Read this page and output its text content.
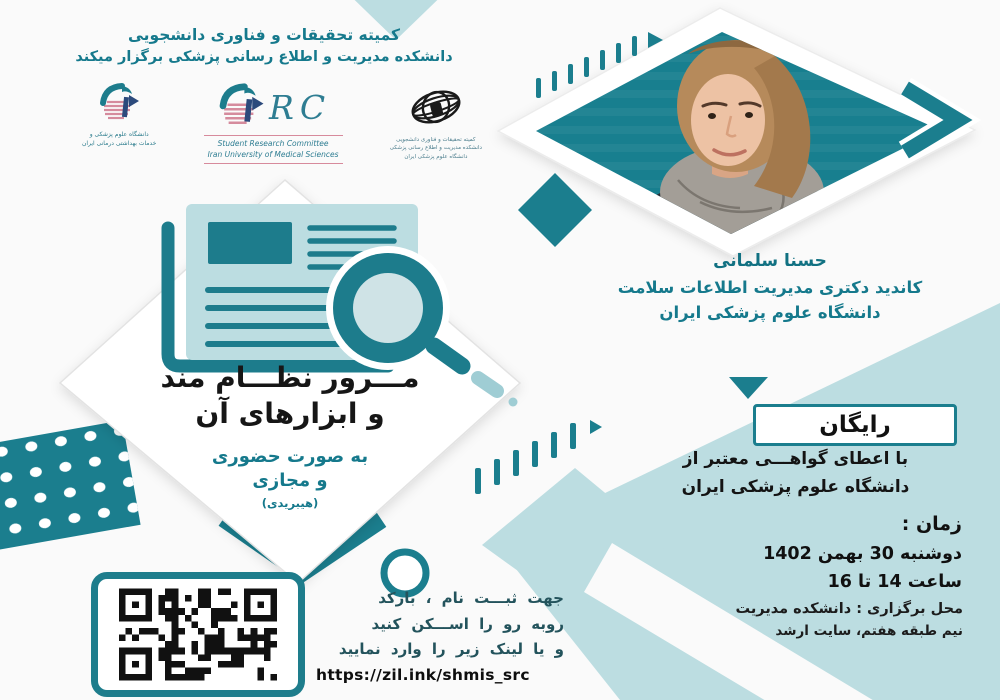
کمیته تحقیقات و فناوری دانشجویی
دانشکده مدیریت و اطلاع رسانی پزشکی برگزار میکند
دانشگاه علوم پزشکی و
خدمات بهداشتی درمانی ایران
RC
Student Research Committee
Iran University of Medical Sciences
کمیته تحقیقات و فناوری دانشجویی
دانشکده مدیریت و اطلاع رسانی پزشکی
دانشگاه علوم پزشکی ایران
حسنا سلمانی
کاندید دکتری مدیریت اطلاعات سلامت
دانشگاه علوم پزشکی ایران
مـــرور نظـــام مند
و ابزارهای آن
به صورت حضوری
و مجازی
(هیبریدی)
رایگان
با اعطای گواهـــی معتبر از
دانشگاه علوم پزشکی ایران
زمان :
دوشنبه 30 بهمن 1402
ساعت 14 تا 16
محل برگزاری : دانشکده مدیریت
نیم طبقه هفتم، سایت ارشد
جهت ثبـــت نام ، بارکد
روبه رو را اســـکن کنید
و یا لینک زیر را وارد نمایید
https://zil.ink/shmis_src
